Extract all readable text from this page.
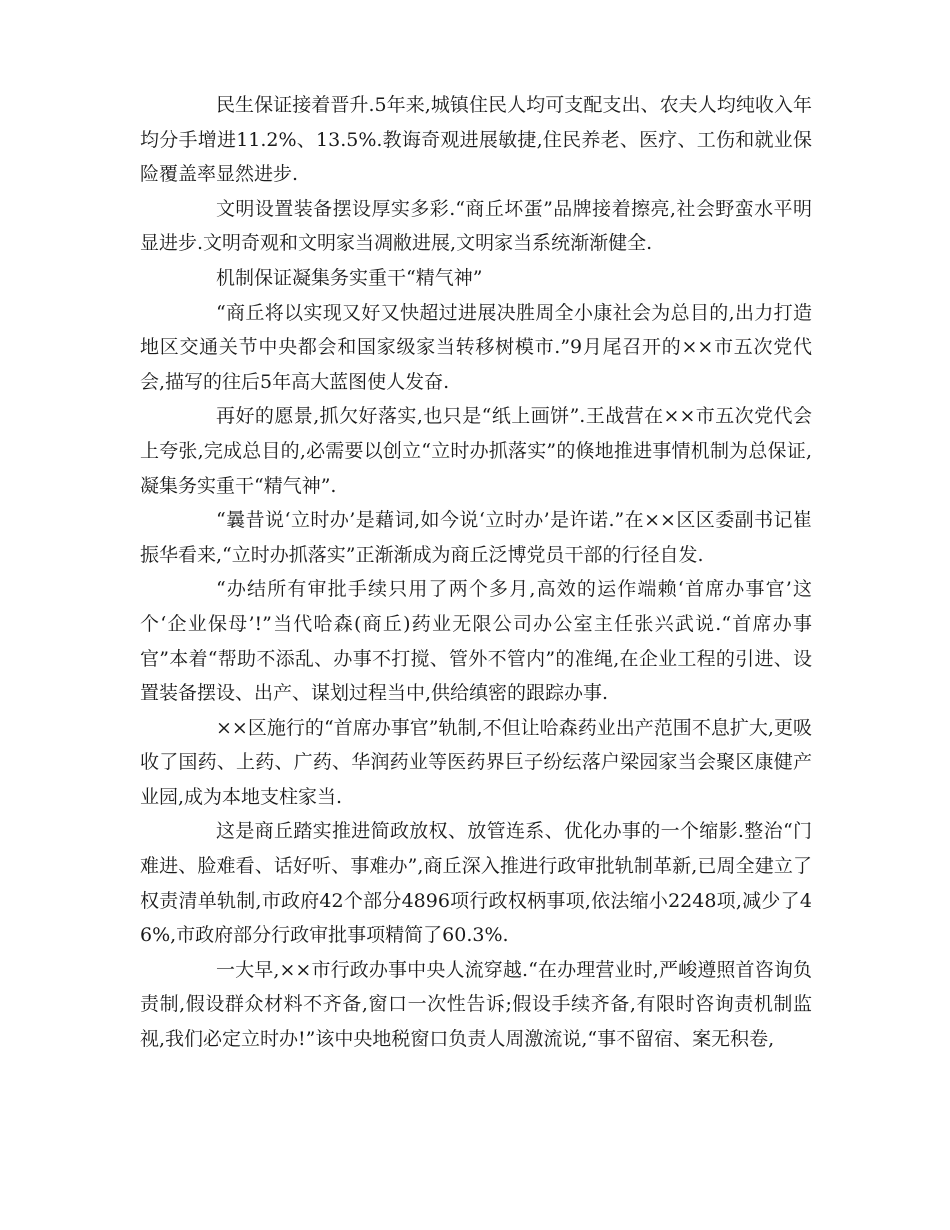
民生保证接着晋升.5年来,城镇住民人均可支配支出、农夫人均纯收入年均分手增进11.2%、13.5%.教诲奇观进展敏捷,住民养老、医疗、工伤和就业保险覆盖率显然进步.

文明设置装备摆设厚实多彩.“商丘坏蛋”品牌接着擦亮,社会野蛮水平明显进步.文明奇观和文明家当凋敝进展,文明家当系统渐渐健全.

机制保证凝集务实重干“精气神”

“商丘将以实现又好又快超过进展决胜周全小康社会为总目的,出力打造地区交通关节中央都会和国家级家当转移树模市.”9月尾召开的××市五次党代会,描写的往后5年高大蓝图使人发奋.

再好的愿景,抓欠好落实,也只是“纸上画饼”.王战营在××市五次党代会上夸张,完成总目的,必需要以创立“立时办抓落实”的倏地推进事情机制为总保证,凝集务实重干“精气神”.

“曩昔说‘立时办’是藉词,如今说‘立时办’是许诺.”在××区区委副书记崔振华看来,“立时办抓落实”正渐渐成为商丘泛博党员干部的行径自发.

“办结所有审批手续只用了两个多月,高效的运作端赖‘首席办事官’这个‘企业保母’!”当代哈森(商丘)药业无限公司办公室主任张兴武说.“首席办事官”本着“帮助不添乱、办事不打搅、管外不管内”的准绳,在企业工程的引进、设置装备摆设、出产、谋划过程当中,供给缜密的跟踪办事.

××区施行的“首席办事官”轨制,不但让哈森药业出产范围不息扩大,更吸收了国药、上药、广药、华润药业等医药界巨子纷纭落户梁园家当会聚区康健产业园,成为本地支柱家当.

这是商丘踏实推进简政放权、放管连系、优化办事的一个缩影.整治“门难进、脸难看、话好听、事难办”,商丘深入推进行政审批轨制革新,已周全建立了权责清单轨制,市政府42个部分4896项行政权柄事项,依法缩小2248项,减少了46%,市政府部分行政审批事项精简了60.3%.

一大早,××市行政办事中央人流穿越.“在办理营业时,严峻遵照首咨询负责制,假设群众材料不齐备,窗口一次性告诉;假设手续齐备,有限时咨询责机制监视,我们必定立时办!”该中央地税窗口负责人周激流说,“事不留宿、案无积卷,
